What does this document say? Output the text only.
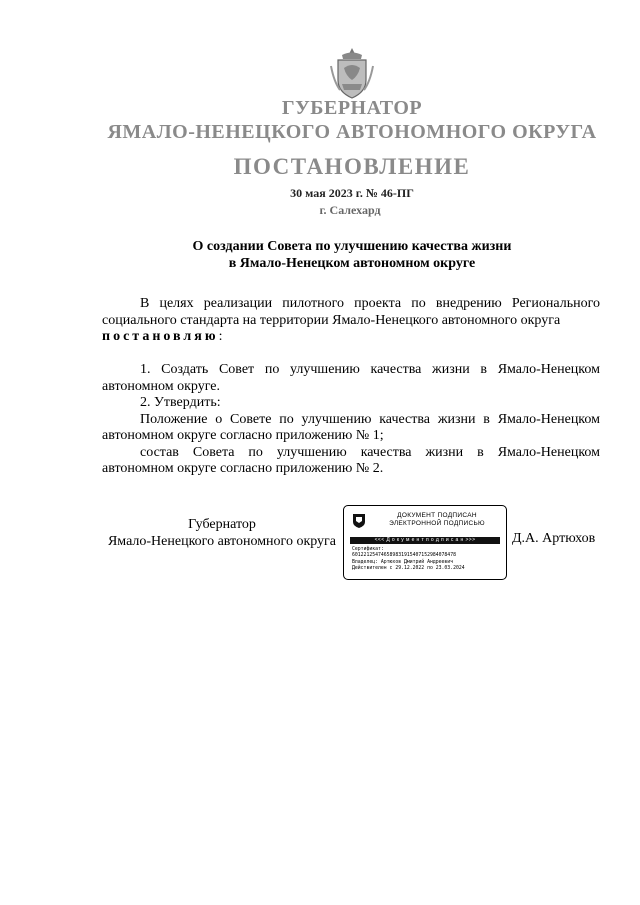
ГУБЕРНАТОР
ЯМАЛО-НЕНЕЦКОГО АВТОНОМНОГО ОКРУГА
ПОСТАНОВЛЕНИЕ
30 мая 2023 г. № 46-ПГ
г. Салехард
О создании Совета по улучшению качества жизни
в Ямало-Ненецком автономном округе
В целях реализации пилотного проекта по внедрению Регионального социального стандарта на территории Ямало-Ненецкого автономного округа
постановляю:

1. Создать Совет по улучшению качества жизни в Ямало-Ненецком автономном округе.

2. Утвердить:

Положение о Совете по улучшению качества жизни в Ямало-Ненецком автономном округе согласно приложению № 1;

состав Совета по улучшению качества жизни в Ямало-Ненецком автономном округе согласно приложению № 2.

Губернатор
Ямало-Ненецкого автономного округа
ДОКУМЕНТ ПОДПИСАН
ЭЛЕКТРОННОЙ ПОДПИСЬЮ
<<< Д о к у м е н т п о д п и с а н >>>
Сертификат:
601221254746589831915407152984078478
Владелец: Артюхов Дмитрий Андреевич
Действителен с 29.12.2022 по 23.03.2024
Д.А. Артюхов
